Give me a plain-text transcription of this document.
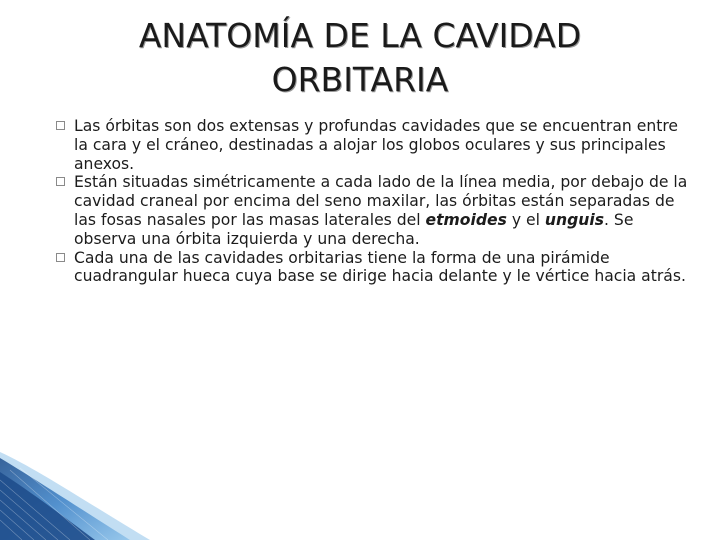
ANATOMÍA DE LA CAVIDAD
ORBITARIA
Las órbitas son dos extensas y profundas cavidades que se encuentran entre la cara y el cráneo, destinadas a alojar los globos oculares y sus principales anexos.
Están situadas simétricamente a cada lado de la línea media, por debajo de la cavidad craneal por encima del seno maxilar, las órbitas están separadas de las fosas nasales por las masas laterales del etmoides y el unguis. Se observa una órbita izquierda y una derecha.
Cada una de las cavidades orbitarias tiene la forma de una pirámide cuadrangular hueca cuya base se dirige hacia delante y le vértice hacia atrás.
